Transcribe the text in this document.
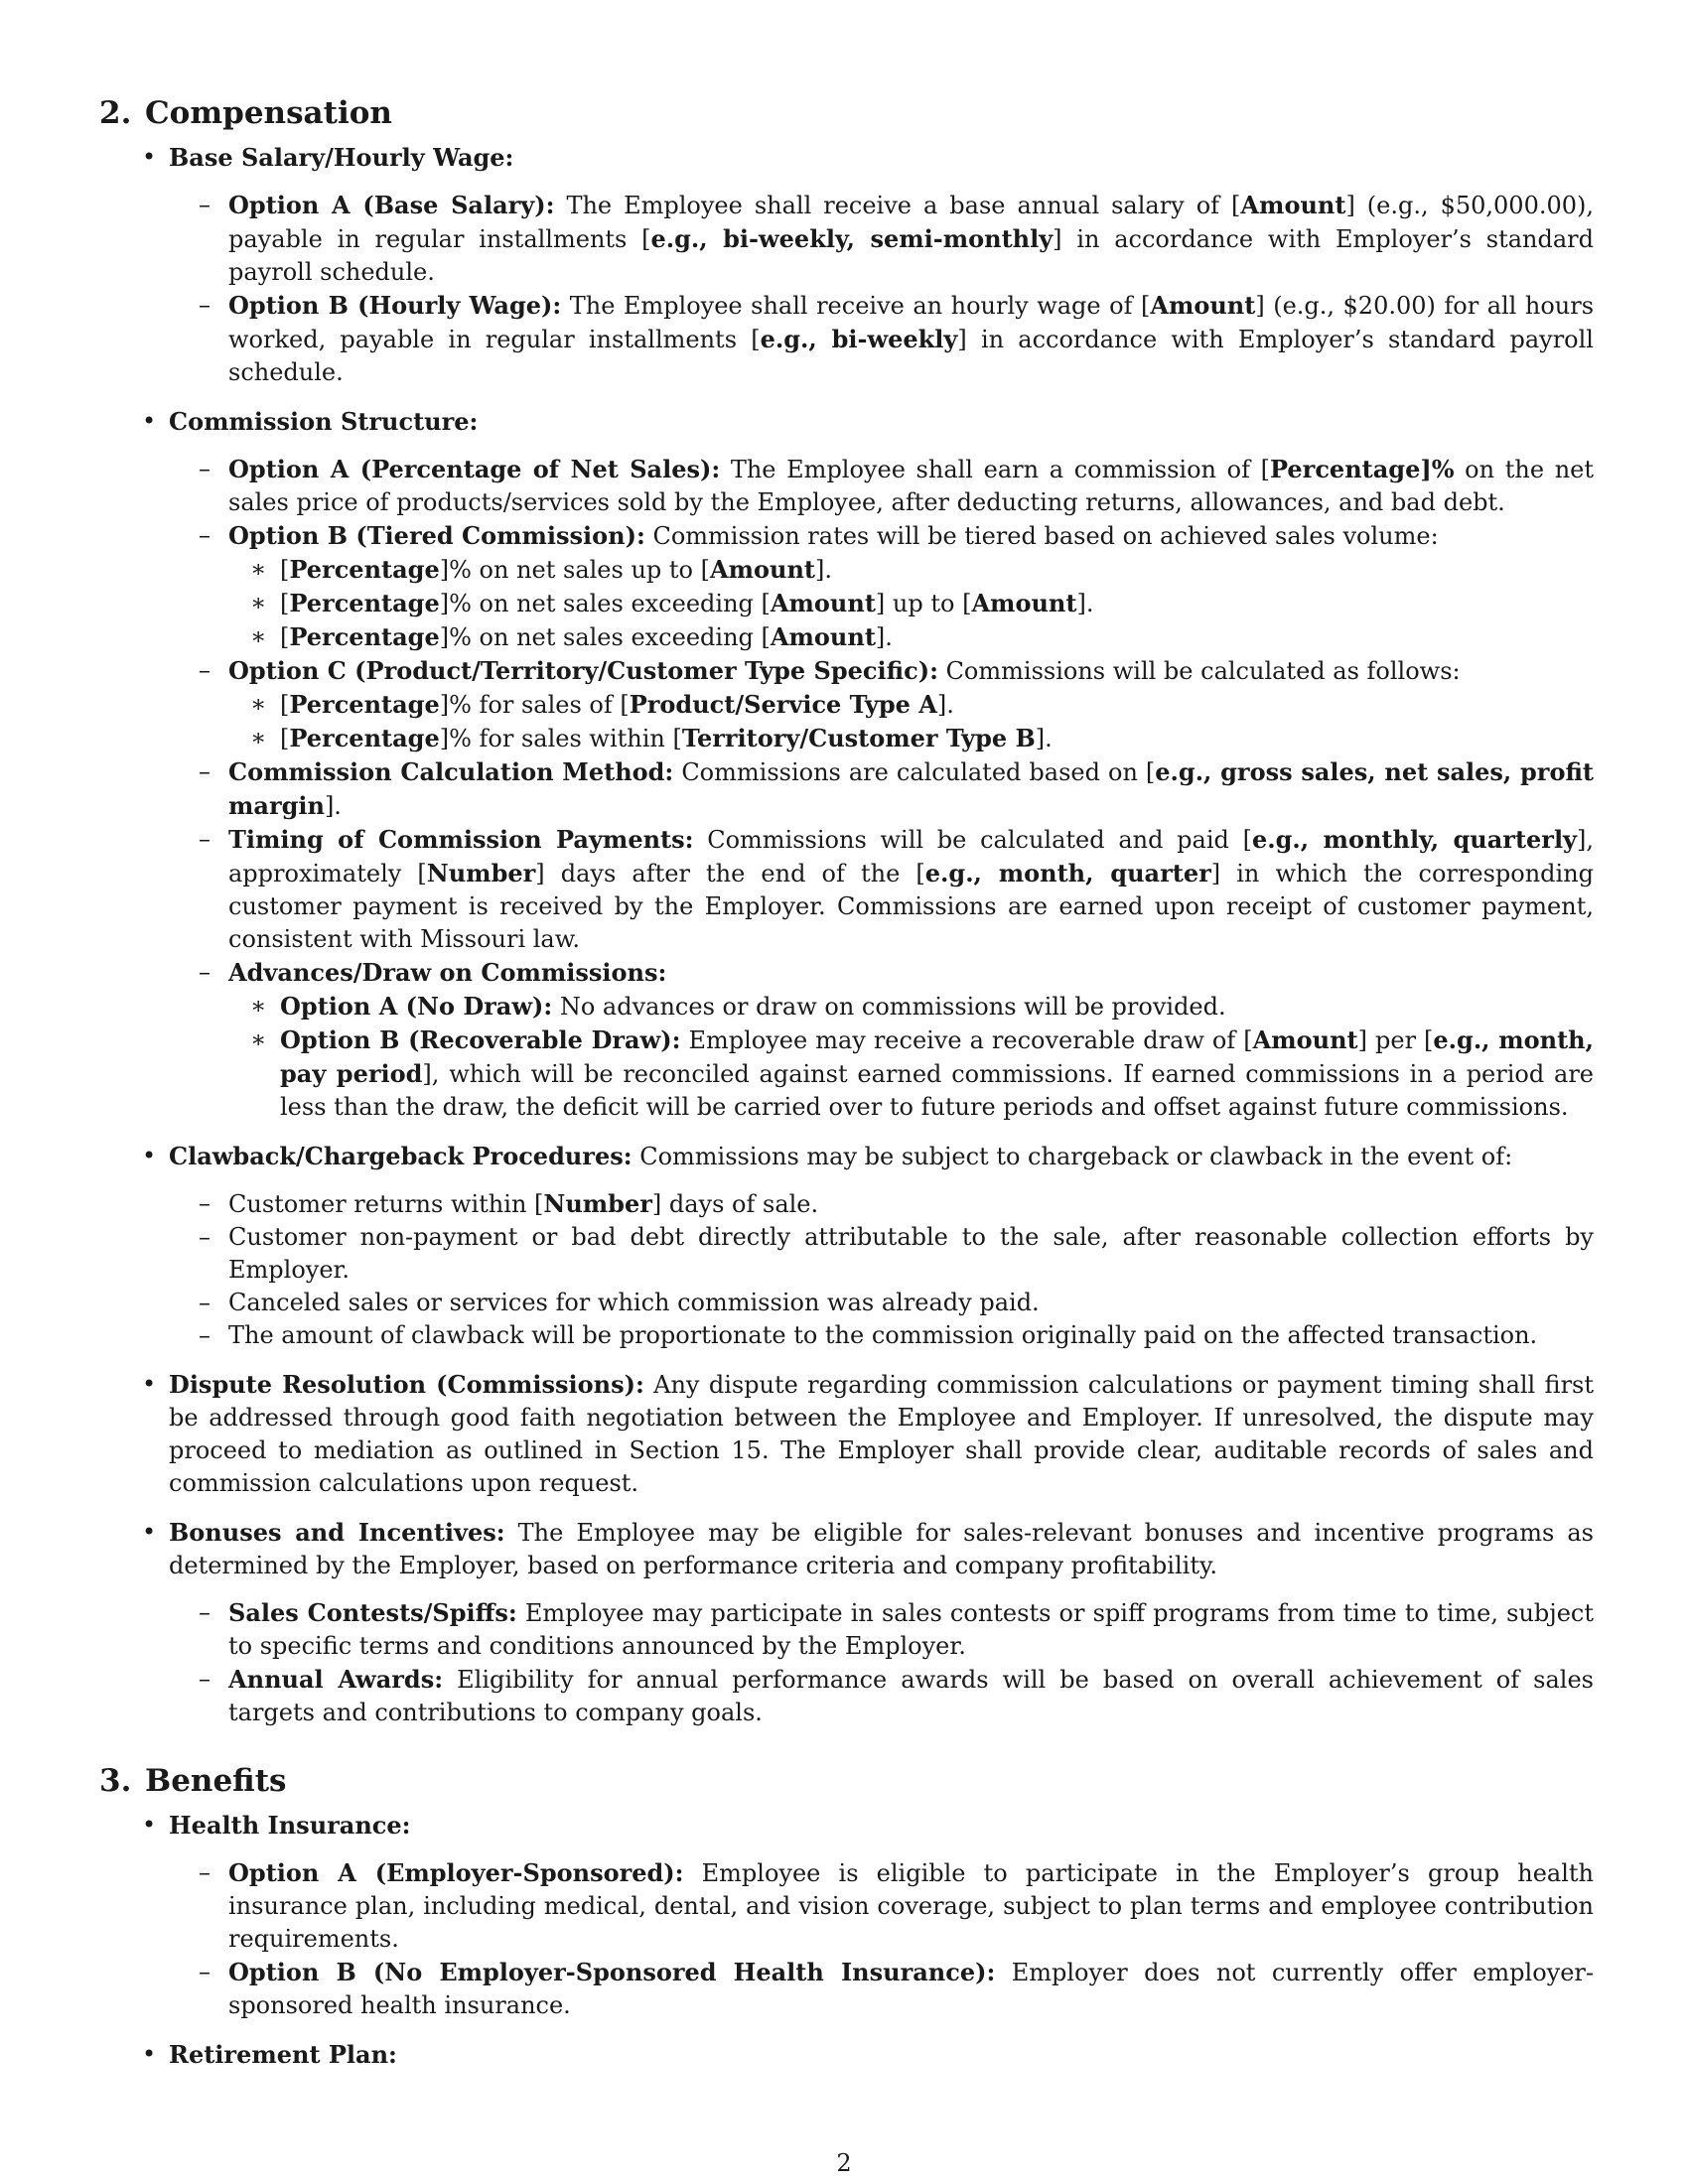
2. Compensation
• Base Salary/Hourly Wage:
– Option A (Base Salary): The Employee shall receive a base annual salary of [Amount] (e.g., $50,000.00), payable in regular installments [e.g., bi-weekly, semi-monthly] in accordance with Employer’s standard payroll schedule.
– Option B (Hourly Wage): The Employee shall receive an hourly wage of [Amount] (e.g., $20.00) for all hours worked, payable in regular installments [e.g., bi-weekly] in accordance with Employer’s standard payroll schedule.
• Commission Structure:
– Option A (Percentage of Net Sales): The Employee shall earn a commission of [Percentage]% on the net sales price of products/services sold by the Employee, after deducting returns, allowances, and bad debt.
– Option B (Tiered Commission): Commission rates will be tiered based on achieved sales volume:
∗ [Percentage]% on net sales up to [Amount].
∗ [Percentage]% on net sales exceeding [Amount] up to [Amount].
∗ [Percentage]% on net sales exceeding [Amount].
– Option C (Product/Territory/Customer Type Specific): Commissions will be calculated as follows:
∗ [Percentage]% for sales of [Product/Service Type A].
∗ [Percentage]% for sales within [Territory/Customer Type B].
– Commission Calculation Method: Commissions are calculated based on [e.g., gross sales, net sales, profit margin].
– Timing of Commission Payments: Commissions will be calculated and paid [e.g., monthly, quarterly], approximately [Number] days after the end of the [e.g., month, quarter] in which the corresponding customer payment is received by the Employer. Commissions are earned upon receipt of customer payment, consistent with Missouri law.
– Advances/Draw on Commissions:
∗ Option A (No Draw): No advances or draw on commissions will be provided.
∗ Option B (Recoverable Draw): Employee may receive a recoverable draw of [Amount] per [e.g., month, pay period], which will be reconciled against earned commissions. If earned commissions in a period are less than the draw, the deficit will be carried over to future periods and offset against future commissions.
• Clawback/Chargeback Procedures: Commissions may be subject to chargeback or clawback in the event of:
– Customer returns within [Number] days of sale.
– Customer non-payment or bad debt directly attributable to the sale, after reasonable collection efforts by Employer.
– Canceled sales or services for which commission was already paid.
– The amount of clawback will be proportionate to the commission originally paid on the affected transaction.
• Dispute Resolution (Commissions): Any dispute regarding commission calculations or payment timing shall first be addressed through good faith negotiation between the Employee and Employer. If unresolved, the dispute may proceed to mediation as outlined in Section 15. The Employer shall provide clear, auditable records of sales and commission calculations upon request.
• Bonuses and Incentives: The Employee may be eligible for sales-relevant bonuses and incentive programs as determined by the Employer, based on performance criteria and company profitability.
– Sales Contests/Spiffs: Employee may participate in sales contests or spiff programs from time to time, subject to specific terms and conditions announced by the Employer.
– Annual Awards: Eligibility for annual performance awards will be based on overall achievement of sales targets and contributions to company goals.
3. Benefits
• Health Insurance:
– Option A (Employer-Sponsored): Employee is eligible to participate in the Employer’s group health insurance plan, including medical, dental, and vision coverage, subject to plan terms and employee contribution requirements.
– Option B (No Employer-Sponsored Health Insurance): Employer does not currently offer employer-sponsored health insurance.
• Retirement Plan:
2
